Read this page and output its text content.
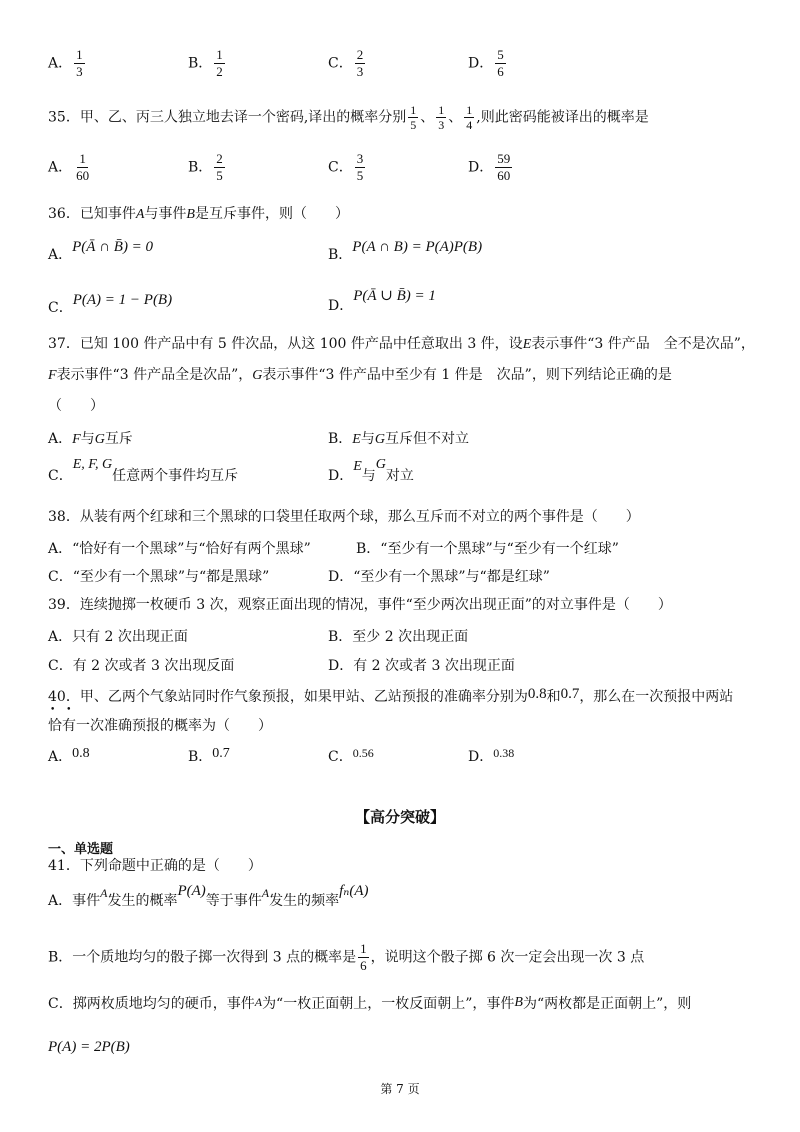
A． $\frac{1}{3}$	B． $\frac{1}{2}$	C． $\frac{2}{3}$	D． $\frac{5}{6}$
35．甲、乙、丙三人独立地去译一个密码,译出的概率分别 $\frac{1}{5}$ 、 $\frac{1}{3}$ 、 $\frac{1}{4}$ ,则此密码能被译出的概率是
A． $\frac{1}{60}$	B． $\frac{2}{5}$	C． $\frac{3}{5}$	D． $\frac{59}{60}$
36．已知事件A与事件B是互斥事件，则（　　）
A．P(Ā ∩ B̄) = 0	B．P(A ∩ B) = P(A)P(B)
C．P(A) = 1 − P(B)	D．P(Ā ∪ B̄) = 1
37．已知 100 件产品中有 5 件次品，从这 100 件产品中任意取出 3 件，设E表示事件“3 件产品　全不是次品”，
F表示事件“3 件产品全是次品”，G表示事件“3 件产品中至少有 1 件是　次品”，则下列结论正确的是
（　　）
A．F与G互斥	B．E与G互斥但不对立
C．E, F, G任意两个事件均互斥	D．E与G对立
38．从装有两个红球和三个黑球的口袋里任取两个球，那么互斥而不对立的两个事件是（　　）
A．“恰好有一个黑球”与“恰好有两个黑球”	B．“至少有一个黑球”与“至少有一个红球”
C．“至少有一个黑球”与“都是黑球”	D．“至少有一个黑球”与“都是红球”
39．连续抛掷一枚硬币 3 次，观察正面出现的情况，事件“至少两次出现正面”的对立事件是（　　）
A．只有 2 次出现正面	B．至少 2 次出现正面
C．有 2 次或者 3 次出现反面	D．有 2 次或者 3 次出现正面
40．甲、乙两个气象站同时作气象预报，如果甲站、乙站预报的准确率分别为0.8和0.7，那么在一次预报中两站
恰有一次准确预报的概率为（　　）
• •
A．0.8	B．0.7	C．0.56	D．0.38
【高分突破】
一、单选题
41．下列命题中正确的是（　　）
A．事件A发生的概率P(A)等于事件A发生的频率fₙ(A)
B．一个质地均匀的骰子掷一次得到 3 点的概率是 $\frac{1}{6}$ ，说明这个骰子掷 6 次一定会出现一次 3 点
C．掷两枚质地均匀的硬币，事件A为“一枚正面朝上，一枚反面朝上”，事件B为“两枚都是正面朝上”，则
P(A) = 2P(B)
第 7 页
